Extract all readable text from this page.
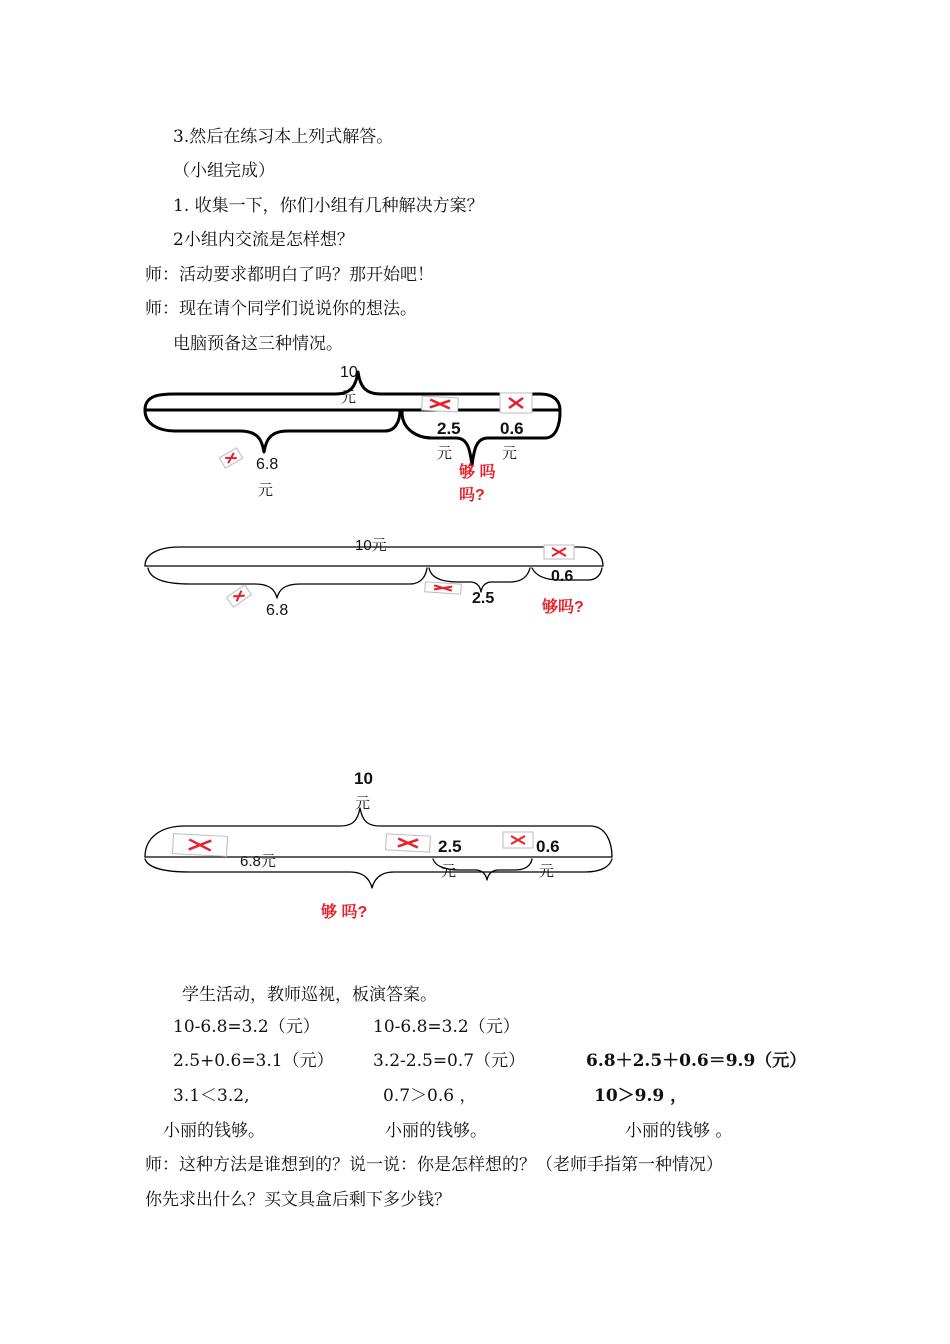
3.然后在练习本上列式解答。
（小组完成）
1. 收集一下，你们小组有几种解决方案？
2小组内交流是怎样想？
师：活动要求都明白了吗？那开始吧！
师：现在请个同学们说说你的想法。
电脑预备这三种情况。
10
元
6.8
元
2.5
元
0.6
元
够 吗
吗?
10元
6.8
2.5
0.6
够吗?
10
元
6.8元
2.5
元
0.6
元
够 吗?
学生活动，教师巡视，板演答案。
10-6.8=3.2（元）
2.5+0.6=3.1（元）
3.1＜3.2,
小丽的钱够。
10-6.8=3.2（元）
3.2-2.5=0.7（元）
0.7＞0.6 ，
小丽的钱够。
6.8＋2.5＋0.6＝9.9（元）
10＞9.9 ，
小丽的钱够 。
师：这种方法是谁想到的？说一说：你是怎样想的？（老师手指第一种情况）
你先求出什么？买文具盒后剩下多少钱？
